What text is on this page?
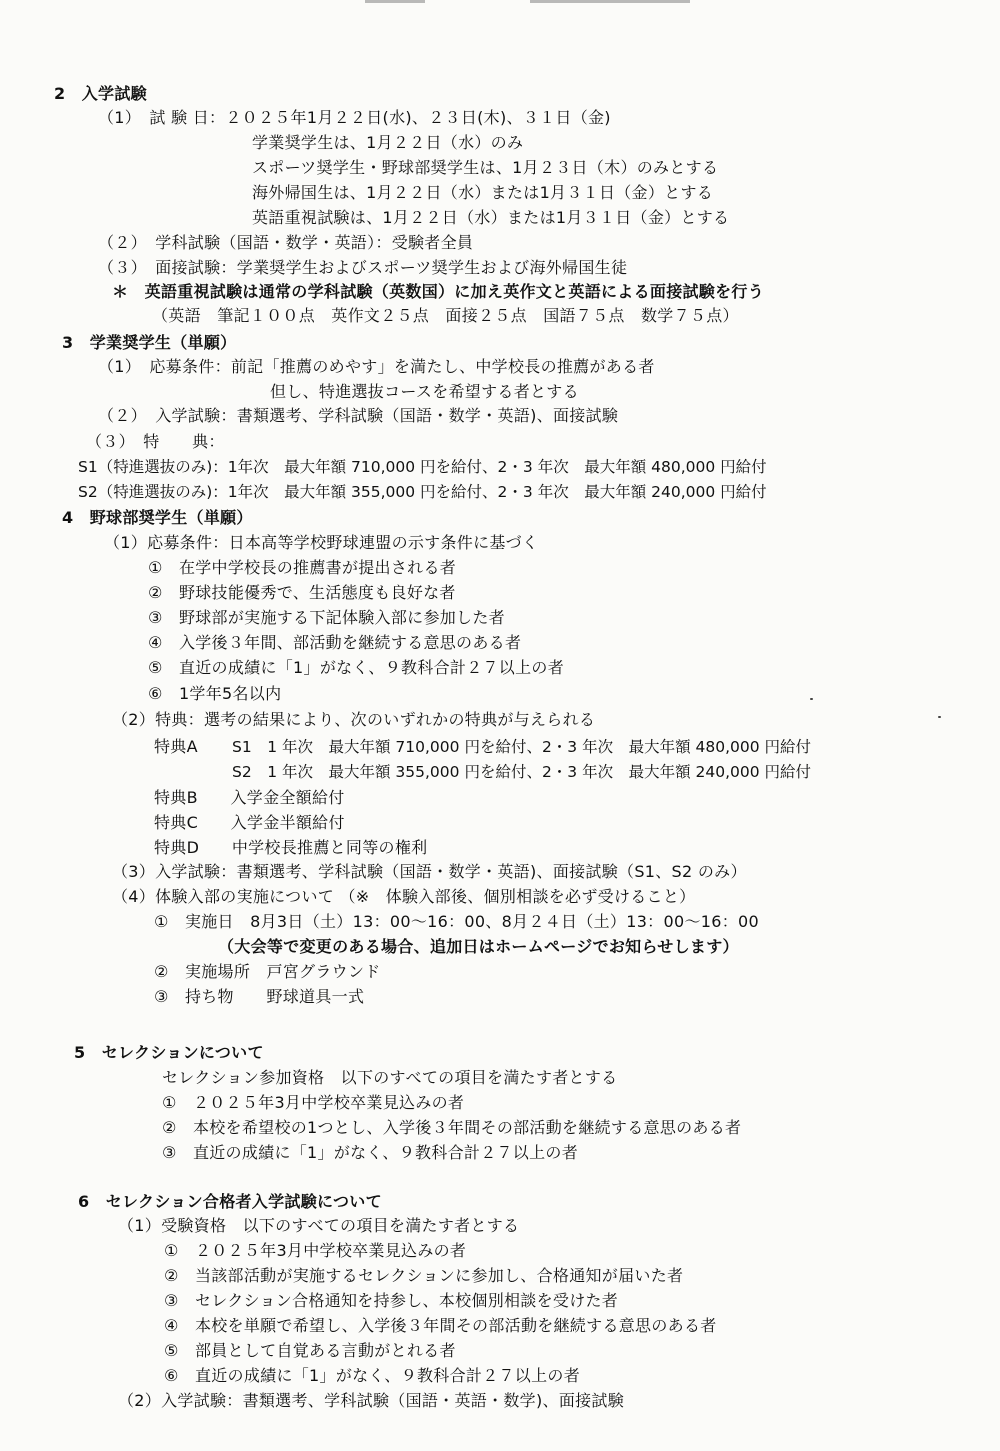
2　入学試験
（1）　試 験 日：２０２５年1月２２日(水)、２３日(木)、３１日（金)
学業奨学生は、1月２２日（水）のみ
スポーツ奨学生・野球部奨学生は、1月２３日（木）のみとする
海外帰国生は、1月２２日（水）または1月３１日（金）とする
英語重視試験は、1月２２日（水）または1月３１日（金）とする
（２）　学科試験（国語・数学・英語）：受験者全員
（３）　面接試験：学業奨学生およびスポーツ奨学生および海外帰国生徒
＊　英語重視試験は通常の学科試験（英数国）に加え英作文と英語による面接試験を行う
（英語　筆記１００点　英作文２５点　面接２５点　国語７５点　数学７５点）
3　学業奨学生（単願）
（1）　応募条件：前記「推薦のめやす」を満たし、中学校長の推薦がある者
但し、特進選抜コースを希望する者とする
（２）　入学試験：書類選考、学科試験（国語・数学・英語)、面接試験
（３）　特　　典：
S1（特進選抜のみ)：1年次　最大年額 710,000 円を給付、2・3 年次　最大年額 480,000 円給付
S2（特進選抜のみ)：1年次　最大年額 355,000 円を給付、2・3 年次　最大年額 240,000 円給付
4　野球部奨学生（単願）
（1）応募条件：日本高等学校野球連盟の示す条件に基づく
①　在学中学校長の推薦書が提出される者
②　野球技能優秀で、生活態度も良好な者
③　野球部が実施する下記体験入部に参加した者
④　入学後３年間、部活動を継続する意思のある者
⑤　直近の成績に「1」がなく、９教科合計２７以上の者
⑥　1学年5名以内
（2）特典：選考の結果により、次のいずれかの特典が与えられる
特典A S1　1 年次　最大年額 710,000 円を給付、2・3 年次　最大年額 480,000 円給付
S2　1 年次　最大年額 355,000 円を給付、2・3 年次　最大年額 240,000 円給付
特典B　　入学金全額給付
特典C　　入学金半額給付
特典D　　中学校長推薦と同等の権利
（3）入学試験：書類選考、学科試験（国語・数学・英語)、面接試験（S1、S2 のみ）
（4）体験入部の実施について （※　体験入部後、個別相談を必ず受けること）
①　実施日　8月3日（土）13：00～16：00、8月２４日（土）13：00～16：00
（大会等で変更のある場合、追加日はホームページでお知らせします）
②　実施場所　戸宮グラウンド
③　持ち物　　野球道具一式
5　セレクションについて
セレクション参加資格　以下のすべての項目を満たす者とする
①　２０２５年3月中学校卒業見込みの者
②　本校を希望校の1つとし、入学後３年間その部活動を継続する意思のある者
③　直近の成績に「1」がなく、９教科合計２７以上の者
6　セレクション合格者入学試験について
（1）受験資格　以下のすべての項目を満たす者とする
①　２０２５年3月中学校卒業見込みの者
②　当該部活動が実施するセレクションに参加し、合格通知が届いた者
③　セレクション合格通知を持参し、本校個別相談を受けた者
④　本校を単願で希望し、入学後３年間その部活動を継続する意思のある者
⑤　部員として自覚ある言動がとれる者
⑥　直近の成績に「1」がなく、９教科合計２７以上の者
（2）入学試験：書類選考、学科試験（国語・英語・数学)、面接試験
